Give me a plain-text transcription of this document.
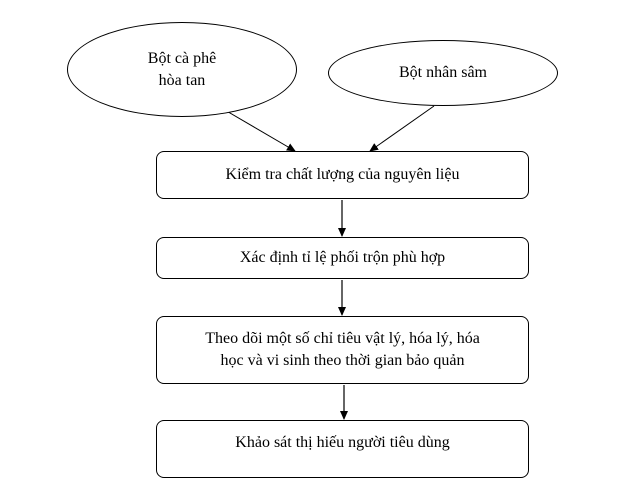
Bột cà phê
hòa tan	Bột nhân sâm
Kiểm tra chất lượng của nguyên liệu
Xác định tỉ lệ phối trộn phù hợp
Theo dõi một số chỉ tiêu vật lý, hóa lý, hóa
học và vi sinh theo thời gian bảo quản
Khảo sát thị hiếu người tiêu dùng
